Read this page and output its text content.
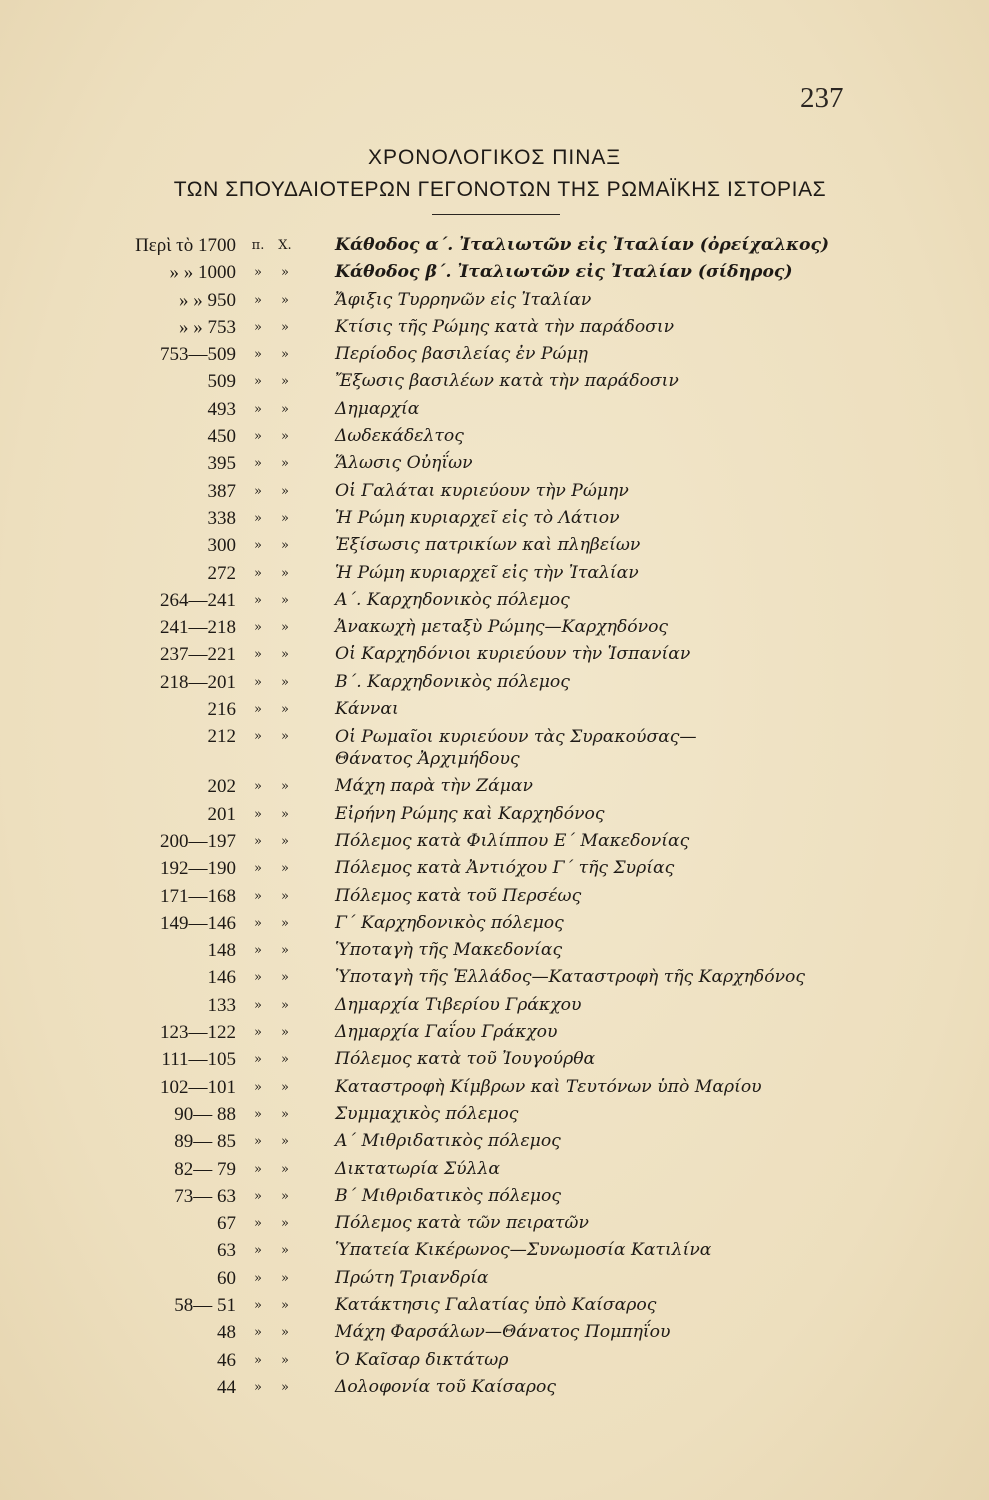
237
ΧΡΟΝΟΛΟΓΙΚΟΣ ΠΙΝΑΞ
ΤΩΝ ΣΠΟΥΔΑΙΟΤΕΡΩΝ ΓΕΓΟΝΟΤΩΝ ΤΗΣ ΡΩΜΑΪΚΗΣ ΙΣΤΟΡΙΑΣ
Περὶ τὸ 1700 π.	Χ.	Κάθοδος α΄. Ἰταλιωτῶν εἰς Ἰταλίαν (ὀρείχαλκος)
» » 1000	»	»	Κάθοδος β΄. Ἰταλιωτῶν εἰς Ἰταλίαν (σίδηρος)
» » 950	»	»	Ἄφιξις Τυρρηνῶν εἰς Ἰταλίαν
» » 753	»	»	Κτίσις τῆς Ρώμης κατὰ τὴν παράδοσιν
753—509	»	»	Περίοδος βασιλείας ἐν Ρώμῃ
509	»	»	Ἔξωσις βασιλέων κατὰ τὴν παράδοσιν
493	»	»	Δημαρχία
450	»	»	Δωδεκάδελτος
395	»	»	Ἅλωσις Οὐηΐων
387	»	»	Οἱ Γαλάται κυριεύουν τὴν Ρώμην
338	»	»	Ἡ Ρώμη κυριαρχεῖ εἰς τὸ Λάτιον
300	»	»	Ἐξίσωσις πατρικίων καὶ πληβείων
272	»	»	Ἡ Ρώμη κυριαρχεῖ εἰς τὴν Ἰταλίαν
264—241	»	»	Α΄. Καρχηδονικὸς πόλεμος
241—218	»	»	Ἀνακωχὴ μεταξὺ Ρώμης—Καρχηδόνος
237—221	»	»	Οἱ Καρχηδόνιοι κυριεύουν τὴν Ἱσπανίαν
218—201	»	»	Β΄. Καρχηδονικὸς πόλεμος
216	»	»	Κάνναι
212	»	»	Οἱ Ρωμαῖοι κυριεύουν τὰς Συρακούσας—Θάνατος Ἀρχιμήδους
202	»	»	Μάχη παρὰ τὴν Ζάμαν
201	»	»	Εἰρήνη Ρώμης καὶ Καρχηδόνος
200—197	»	»	Πόλεμος κατὰ Φιλίππου Ε΄ Μακεδονίας
192—190	»	»	Πόλεμος κατὰ Ἀντιόχου Γ΄ τῆς Συρίας
171—168	»	»	Πόλεμος κατὰ τοῦ Περσέως
149—146	»	»	Γ΄ Καρχηδονικὸς πόλεμος
148	»	»	Ὑποταγὴ τῆς Μακεδονίας
146	»	»	Ὑποταγὴ τῆς Ἑλλάδος—Καταστροφὴ τῆς Καρχηδόνος
133	»	»	Δημαρχία Τιβερίου Γράκχου
123—122	»	»	Δημαρχία Γαΐου Γράκχου
111—105	»	»	Πόλεμος κατὰ τοῦ Ἰουγούρθα
102—101	»	»	Καταστροφὴ Κίμβρων καὶ Τευτόνων ὑπὸ Μαρίου
90— 88	»	»	Συμμαχικὸς πόλεμος
89— 85	»	»	Α΄ Μιθριδατικὸς πόλεμος
82— 79	»	»	Δικτατωρία Σύλλα
73— 63	»	»	Β΄ Μιθριδατικὸς πόλεμος
67	»	»	Πόλεμος κατὰ τῶν πειρατῶν
63	»	»	Ὑπατεία Κικέρωνος—Συνωμοσία Κατιλίνα
60	»	»	Πρώτη Τριανδρία
58— 51	»	»	Κατάκτησις Γαλατίας ὑπὸ Καίσαρος
48	»	»	Μάχη Φαρσάλων—Θάνατος Πομπηΐου
46	»	»	Ὁ Καῖσαρ δικτάτωρ
44	»	»	Δολοφονία τοῦ Καίσαρος
